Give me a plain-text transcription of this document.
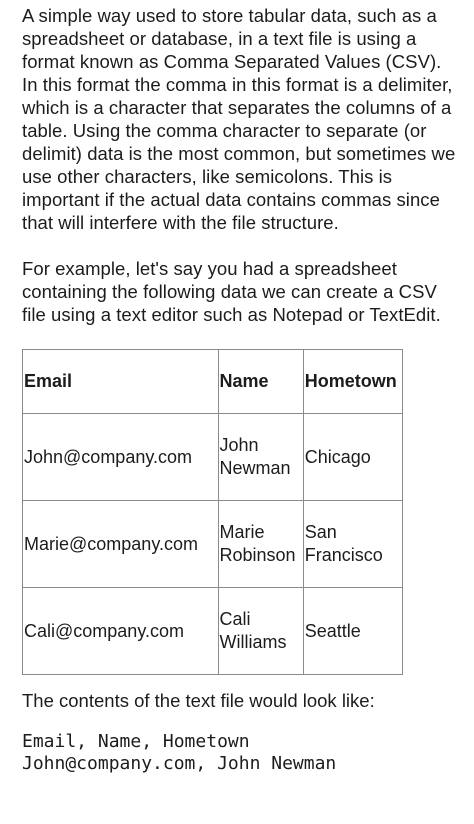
A simple way used to store tabular data, such as a spreadsheet or database, in a text file is using a format known as Comma Separated Values (CSV). In this format the comma in this format is a delimiter, which is a character that separates the columns of a table. Using the comma character to separate (or delimit) data is the most common, but sometimes we use other characters, like semicolons. This is important if the actual data contains commas since that will interfere with the file structure.

For example, let's say you had a spreadsheet containing the following data we can create a CSV file using a text editor such as Notepad or TextEdit.

Email	Name	Hometown
John@company.com	John Newman	Chicago
Marie@company.com	Marie Robinson	San Francisco
Cali@company.com	Cali Williams	Seattle

The contents of the text file would look like:

Email, Name, Hometown
John@company.com, John Newman
